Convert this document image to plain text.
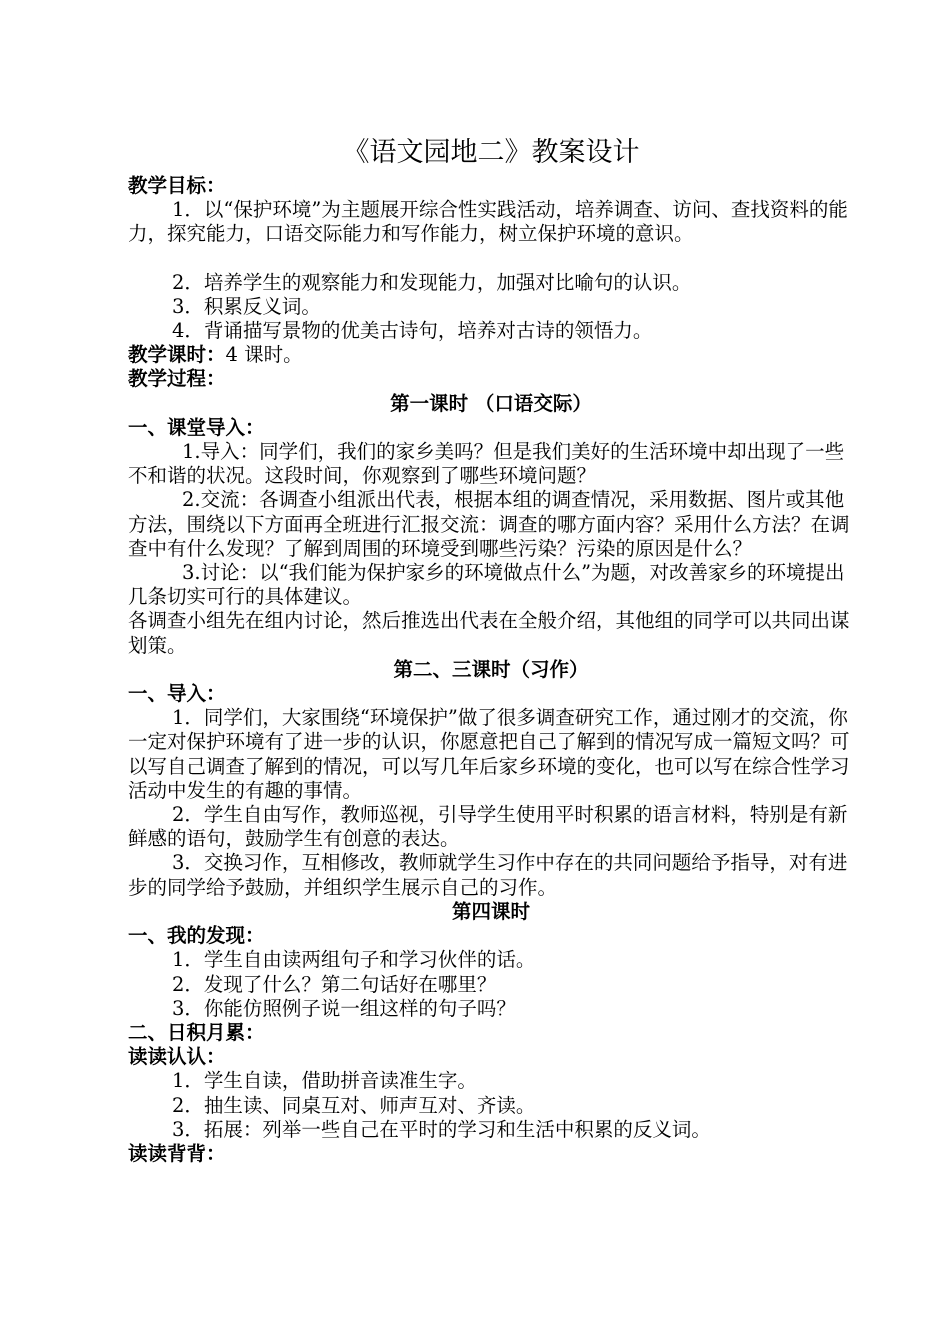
《语文园地二》教案设计
教学目标：
1．以“保护环境”为主题展开综合性实践活动，培养调查、访问、查找资料的能力，探究能力，口语交际能力和写作能力，树立保护环境的意识。
2．培养学生的观察能力和发现能力，加强对比喻句的认识。
3．积累反义词。
4．背诵描写景物的优美古诗句，培养对古诗的领悟力。
教学课时：4 课时。
教学过程：
第一课时 （口语交际）
一、课堂导入：
1.导入：同学们，我们的家乡美吗？但是我们美好的生活环境中却出现了一些不和谐的状况。这段时间，你观察到了哪些环境问题？
2.交流：各调查小组派出代表，根据本组的调查情况，采用数据、图片或其他方法，围绕以下方面再全班进行汇报交流：调查的哪方面内容？采用什么方法？在调查中有什么发现？了解到周围的环境受到哪些污染？污染的原因是什么？
3.讨论：以“我们能为保护家乡的环境做点什么”为题，对改善家乡的环境提出几条切实可行的具体建议。
各调查小组先在组内讨论，然后推选出代表在全般介绍，其他组的同学可以共同出谋划策。
第二、三课时（习作）
一、导入：
1．同学们，大家围绕“环境保护”做了很多调查研究工作，通过刚才的交流，你一定对保护环境有了进一步的认识，你愿意把自己了解到的情况写成一篇短文吗？可以写自己调查了解到的情况，可以写几年后家乡环境的变化，也可以写在综合性学习活动中发生的有趣的事情。
2．学生自由写作，教师巡视，引导学生使用平时积累的语言材料，特别是有新鲜感的语句，鼓励学生有创意的表达。
3．交换习作，互相修改，教师就学生习作中存在的共同问题给予指导，对有进步的同学给予鼓励，并组织学生展示自己的习作。
第四课时
一、我的发现：
1．学生自由读两组句子和学习伙伴的话。
2．发现了什么？第二句话好在哪里？
3．你能仿照例子说一组这样的句子吗？
二、日积月累：
读读认认：
1．学生自读，借助拼音读准生字。
2．抽生读、同桌互对、师声互对、齐读。
3．拓展：列举一些自己在平时的学习和生活中积累的反义词。
读读背背：
